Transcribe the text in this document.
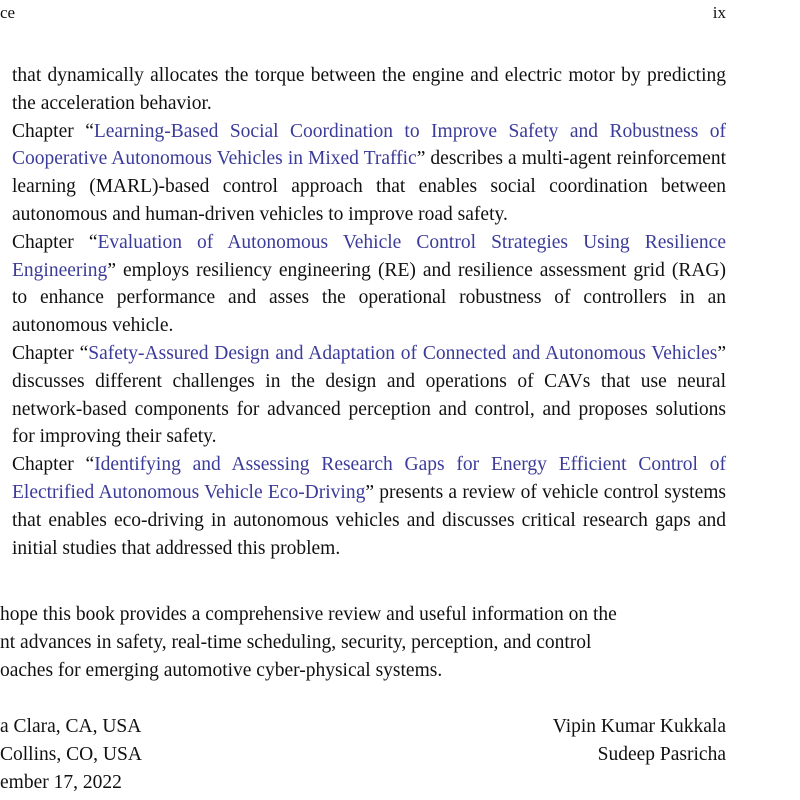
ce	ix

that dynamically allocates the torque between the engine and electric motor by predicting the acceleration behavior.

Chapter “Learning-Based Social Coordination to Improve Safety and Robustness of Cooperative Autonomous Vehicles in Mixed Traffic” describes a multi-agent reinforcement learning (MARL)-based control approach that enables social coordination between autonomous and human-driven vehicles to improve road safety.

Chapter “Evaluation of Autonomous Vehicle Control Strategies Using Resilience Engineering” employs resiliency engineering (RE) and resilience assessment grid (RAG) to enhance performance and asses the operational robustness of controllers in an autonomous vehicle.

Chapter “Safety-Assured Design and Adaptation of Connected and Autonomous Vehicles” discusses different challenges in the design and operations of CAVs that use neural network-based components for advanced perception and control, and proposes solutions for improving their safety.

Chapter “Identifying and Assessing Research Gaps for Energy Efficient Control of Electrified Autonomous Vehicle Eco-Driving” presents a review of vehicle control systems that enables eco-driving in autonomous vehicles and discusses critical research gaps and initial studies that addressed this problem.

hope this book provides a comprehensive review and useful information on the
nt advances in safety, real-time scheduling, security, perception, and control
oaches for emerging automotive cyber-physical systems.
a Clara, CA, USA	Vipin Kumar Kukkala
Collins, CO, USA	Sudeep Pasricha
ember 17, 2022
